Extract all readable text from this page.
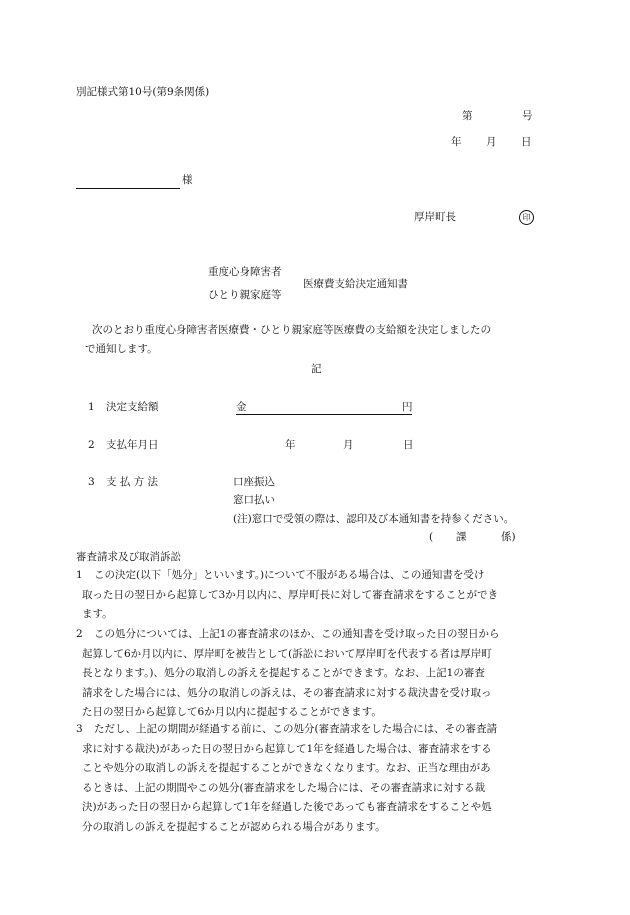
別記様式第10号(第9条関係)
第	号
年 月 日
様
厚岸町長	印
重度心身障害者
ひとり親家庭等
医療費支給決定通知書
次のとおり重度心身障害者医療費・ひとり親家庭等医療費の支給額を決定しましたの
で通知します。
記
1 決定支給額	金	円
2 支払年月日	年	月	日
3 支 払 方 法	口座振込
窓口払い
(注)窓口で受領の際は、認印及び本通知書を持参ください。
( 課	係)
審査請求及び取消訴訟
1	この決定(以下「処分」といいます。)について不服がある場合は、この通知書を受け
取った日の翌日から起算して3か月以内に、厚岸町長に対して審査請求をすることができ
ます。
2	この処分については、上記1の審査請求のほか、この通知書を受け取った日の翌日から
起算して6か月以内に、厚岸町を被告として(訴訟において厚岸町を代表する者は厚岸町
長となります。)、処分の取消しの訴えを提起することができます。なお、上記1の審査
請求をした場合には、処分の取消しの訴えは、その審査請求に対する裁決書を受け取っ
た日の翌日から起算して6か月以内に提起することができます。
3	ただし、上記の期間が経過する前に、この処分(審査請求をした場合には、その審査請
求に対する裁決)があった日の翌日から起算して1年を経過した場合は、審査請求をする
ことや処分の取消しの訴えを提起することができなくなります。なお、正当な理由があ
るときは、上記の期間やこの処分(審査請求をした場合には、その審査請求に対する裁
決)があった日の翌日から起算して1年を経過した後であっても審査請求をすることや処
分の取消しの訴えを提起することが認められる場合があります。
